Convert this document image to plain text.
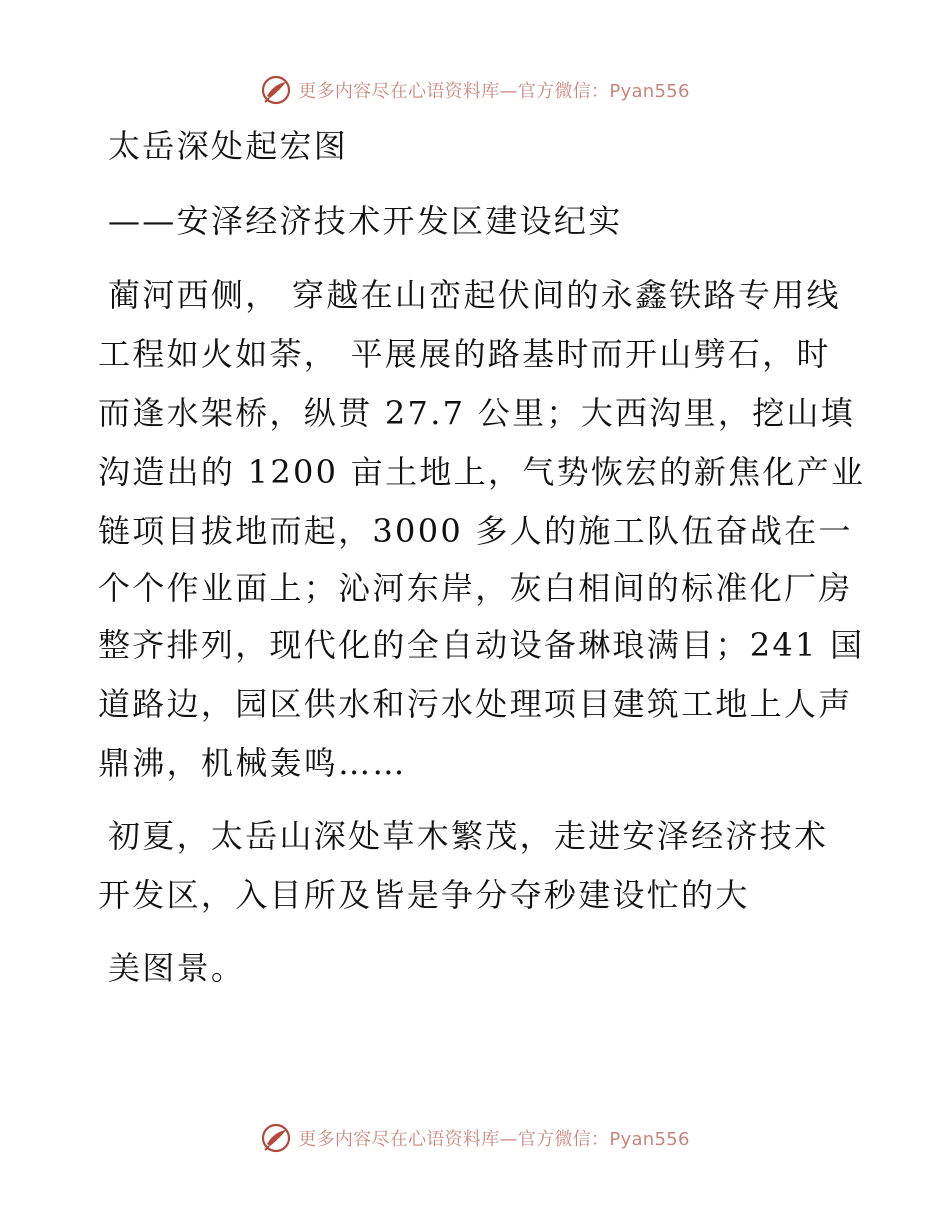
更多内容尽在心语资料库—官方微信：Pyan556
太岳深处起宏图
——安泽经济技术开发区建设纪实
蔺河西侧， 穿越在山峦起伏间的永鑫铁路专用线
工程如火如荼， 平展展的路基时而开山劈石，时
而逢水架桥，纵贯 27.7 公里；大西沟里，挖山填
沟造出的 1200 亩土地上，气势恢宏的新焦化产业
链项目拔地而起，3000 多人的施工队伍奋战在一
个个作业面上；沁河东岸，灰白相间的标准化厂房
整齐排列，现代化的全自动设备琳琅满目；241 国
道路边，园区供水和污水处理项目建筑工地上人声
鼎沸，机械轰鸣……
初夏，太岳山深处草木繁茂，走进安泽经济技术
开发区，入目所及皆是争分夺秒建设忙的大
美图景。
更多内容尽在心语资料库—官方微信：Pyan556
